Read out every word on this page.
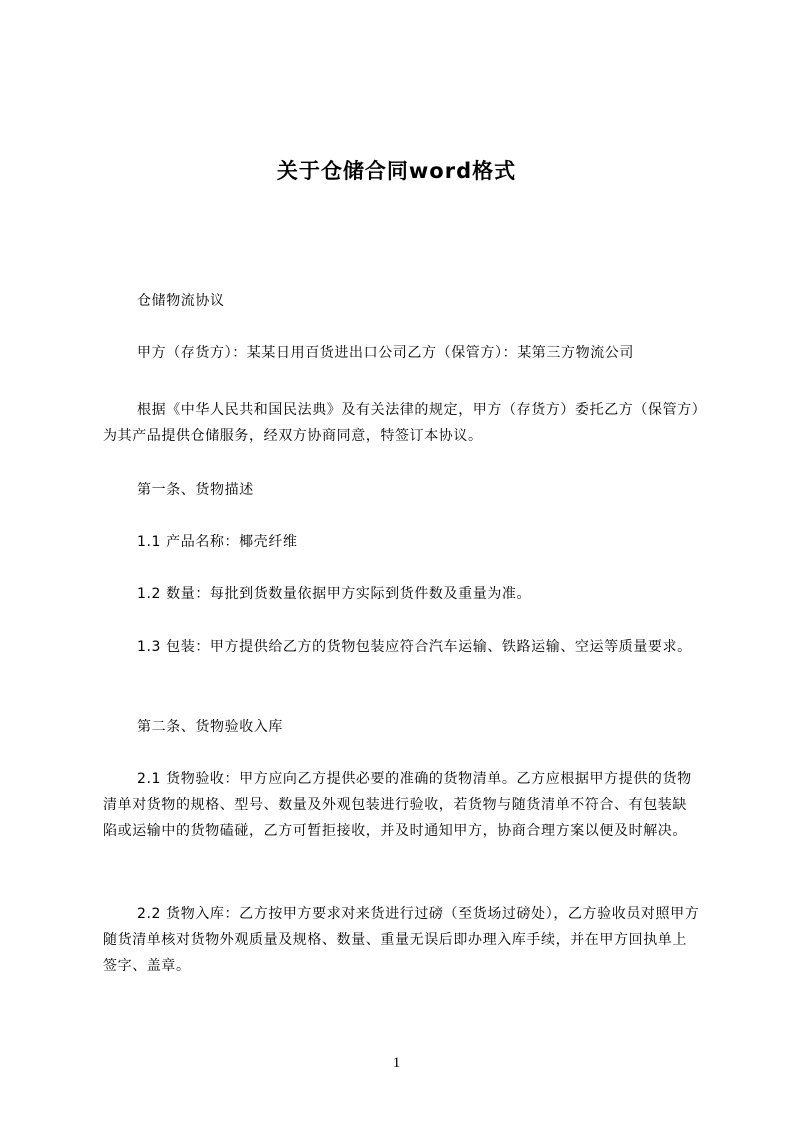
关于仓储合同word格式

仓储物流协议

甲方（存货方）：某某日用百货进出口公司乙方（保管方）：某第三方物流公司

根据《中华人民共和国民法典》及有关法律的规定，甲方（存货方）委托乙方（保管方）为其产品提供仓储服务，经双方协商同意，特签订本协议。

第一条、货物描述

1.1 产品名称：椰壳纤维

1.2 数量：每批到货数量依据甲方实际到货件数及重量为准。

1.3 包装：甲方提供给乙方的货物包装应符合汽车运输、铁路运输、空运等质量要求。

第二条、货物验收入库

2.1 货物验收：甲方应向乙方提供必要的准确的货物清单。乙方应根据甲方提供的货物清单对货物的规格、型号、数量及外观包装进行验收，若货物与随货清单不符合、有包装缺陷或运输中的货物磕碰，乙方可暂拒接收，并及时通知甲方，协商合理方案以便及时解决。

2.2 货物入库：乙方按甲方要求对来货进行过磅（至货场过磅处），乙方验收员对照甲方随货清单核对货物外观质量及规格、数量、重量无误后即办理入库手续，并在甲方回执单上签字、盖章。

1
